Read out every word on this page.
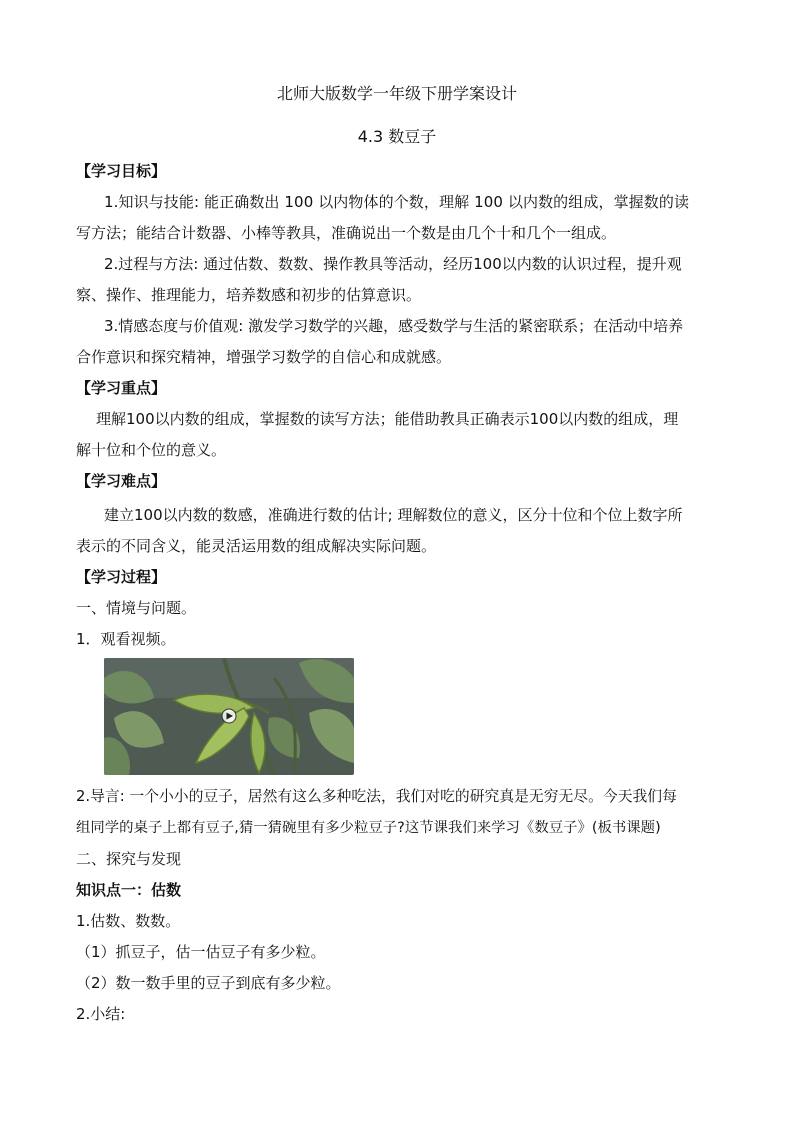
北师大版数学一年级下册学案设计
4.3 数豆子
【学习目标】
1.知识与技能: 能正确数出 100 以内物体的个数，理解 100 以内数的组成，掌握数的读
写方法；能结合计数器、小棒等教具，准确说出一个数是由几个十和几个一组成。
2.过程与方法: 通过估数、数数、操作教具等活动，经历100以内数的认识过程，提升观
察、操作、推理能力，培养数感和初步的估算意识。
3.情感态度与价值观: 激发学习数学的兴趣，感受数学与生活的紧密联系；在活动中培养
合作意识和探究精神，增强学习数学的自信心和成就感。
【学习重点】
理解100以内数的组成，掌握数的读写方法；能借助教具正确表示100以内数的组成，理
解十位和个位的意义。
【学习难点】
建立100以内数的数感，准确进行数的估计; 理解数位的意义，区分十位和个位上数字所
表示的不同含义，能灵活运用数的组成解决实际问题。
【学习过程】
一、情境与问题。
1．观看视频。
2.导言: 一个小小的豆子，居然有这么多种吃法，我们对吃的研究真是无穷无尽。今天我们每
组同学的桌子上都有豆子,猜一猜碗里有多少粒豆子?这节课我们来学习《数豆子》(板书课题)
二、探究与发现
知识点一：估数
1.估数、数数。
（1）抓豆子，估一估豆子有多少粒。
（2）数一数手里的豆子到底有多少粒。
2.小结:
